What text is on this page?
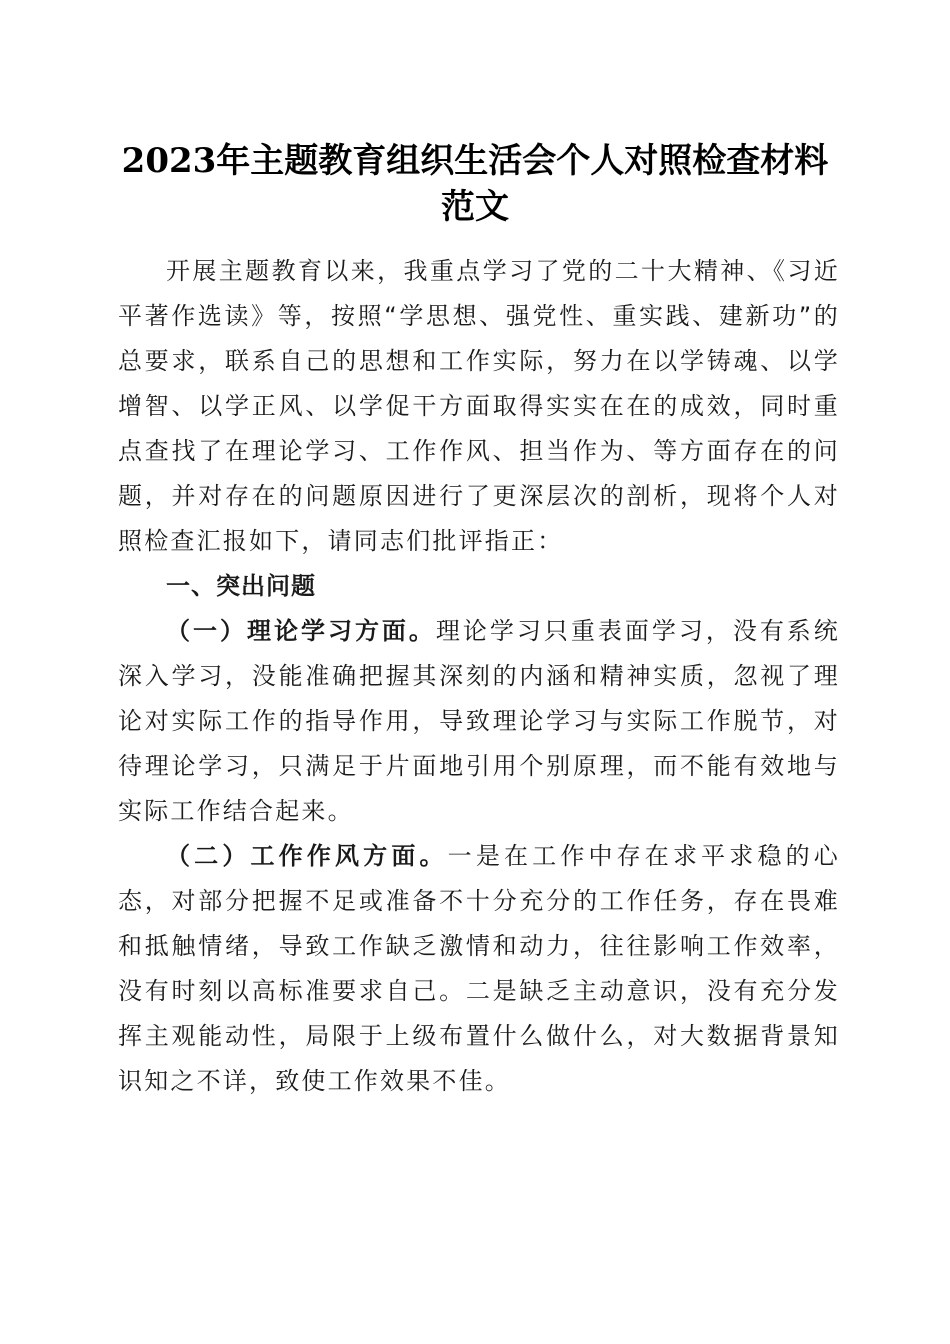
2023年主题教育组织生活会个人对照检查材料范文

开展主题教育以来，我重点学习了党的二十大精神、《习近平著作选读》等，按照“学思想、强党性、重实践、建新功”的总要求，联系自己的思想和工作实际，努力在以学铸魂、以学增智、以学正风、以学促干方面取得实实在在的成效，同时重点查找了在理论学习、工作作风、担当作为、等方面存在的问题，并对存在的问题原因进行了更深层次的剖析，现将个人对照检查汇报如下，请同志们批评指正：

一、突出问题

（一）理论学习方面。理论学习只重表面学习，没有系统深入学习，没能准确把握其深刻的内涵和精神实质，忽视了理论对实际工作的指导作用，导致理论学习与实际工作脱节，对待理论学习，只满足于片面地引用个别原理，而不能有效地与实际工作结合起来。

（二）工作作风方面。一是在工作中存在求平求稳的心态，对部分把握不足或准备不十分充分的工作任务，存在畏难和抵触情绪，导致工作缺乏激情和动力，往往影响工作效率，没有时刻以高标准要求自己。二是缺乏主动意识，没有充分发挥主观能动性，局限于上级布置什么做什么，对大数据背景知识知之不详，致使工作效果不佳。
